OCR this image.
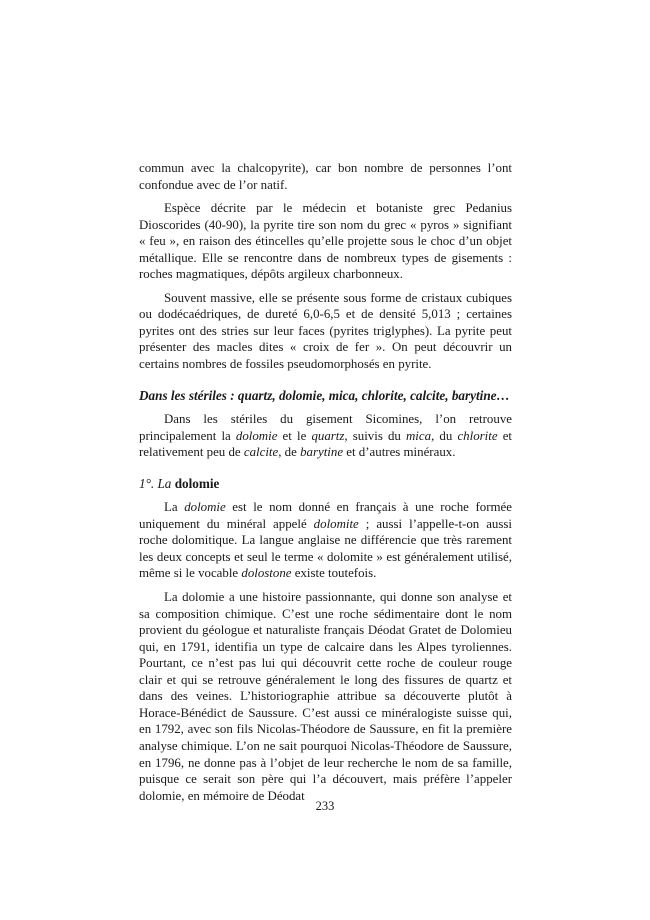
commun avec la chalcopyrite), car bon nombre de personnes l’ont confondue avec de l’or natif.

Espèce décrite par le médecin et botaniste grec Pedanius Dioscorides (40-90), la pyrite tire son nom du grec « pyros » signifiant « feu », en raison des étincelles qu’elle projette sous le choc d’un objet métallique. Elle se rencontre dans de nombreux types de gisements : roches magmatiques, dépôts argileux charbonneux.

Souvent massive, elle se présente sous forme de cristaux cubiques ou dodécaédriques, de dureté 6,0-6,5 et de densité 5,013 ; certaines pyrites ont des stries sur leur faces (pyrites triglyphes). La pyrite peut présenter des macles dites « croix de fer ». On peut découvrir un certains nombres de fossiles pseudomorphosés en pyrite.

Dans les stériles : quartz, dolomie, mica, chlorite, calcite, barytine…

Dans les stériles du gisement Sicomines, l’on retrouve principalement la dolomie et le quartz, suivis du mica, du chlorite et relativement peu de calcite, de barytine et d’autres minéraux.

1°. La dolomie

La dolomie est le nom donné en français à une roche formée uniquement du minéral appelé dolomite ; aussi l’appelle-t-on aussi roche dolomitique. La langue anglaise ne différencie que très rarement les deux concepts et seul le terme « dolomite » est généralement utilisé, même si le vocable dolostone existe toutefois.

La dolomie a une histoire passionnante, qui donne son analyse et sa composition chimique. C’est une roche sédimentaire dont le nom provient du géologue et naturaliste français Déodat Gratet de Dolomieu qui, en 1791, identifia un type de calcaire dans les Alpes tyroliennes. Pourtant, ce n’est pas lui qui découvrit cette roche de couleur rouge clair et qui se retrouve généralement le long des fissures de quartz et dans des veines. L’historiographie attribue sa découverte plutôt à Horace-Bénédict de Saussure. C’est aussi ce minéralogiste suisse qui, en 1792, avec son fils Nicolas-Théodore de Saussure, en fit la première analyse chimique. L’on ne sait pourquoi Nicolas-Théodore de Saussure, en 1796, ne donne pas à l’objet de leur recherche le nom de sa famille, puisque ce serait son père qui l’a découvert, mais préfère l’appeler dolomie, en mémoire de Déodat

233
